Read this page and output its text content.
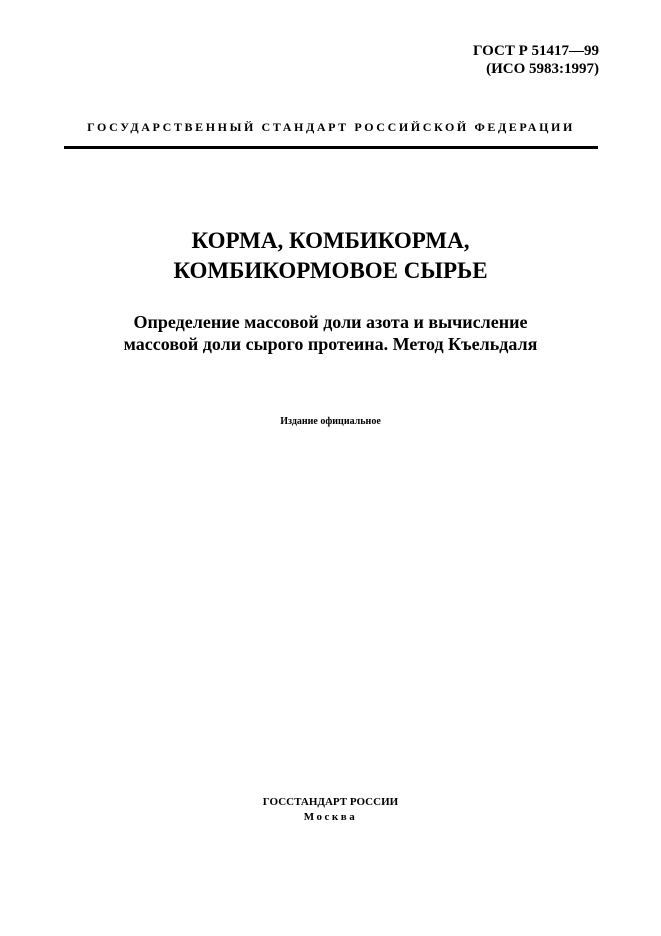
ГОСТ Р 51417—99
(ИСО 5983:1997)
ГОСУДАРСТВЕННЫЙ СТАНДАРТ РОССИЙСКОЙ ФЕДЕРАЦИИ
КОРМА, КОМБИКОРМА,
КОМБИКОРМОВОЕ СЫРЬЕ
Определение массовой доли азота и вычисление
массовой доли сырого протеина. Метод Къельдаля
Издание официальное
ГОССТАНДАРТ РОССИИ
Москва
